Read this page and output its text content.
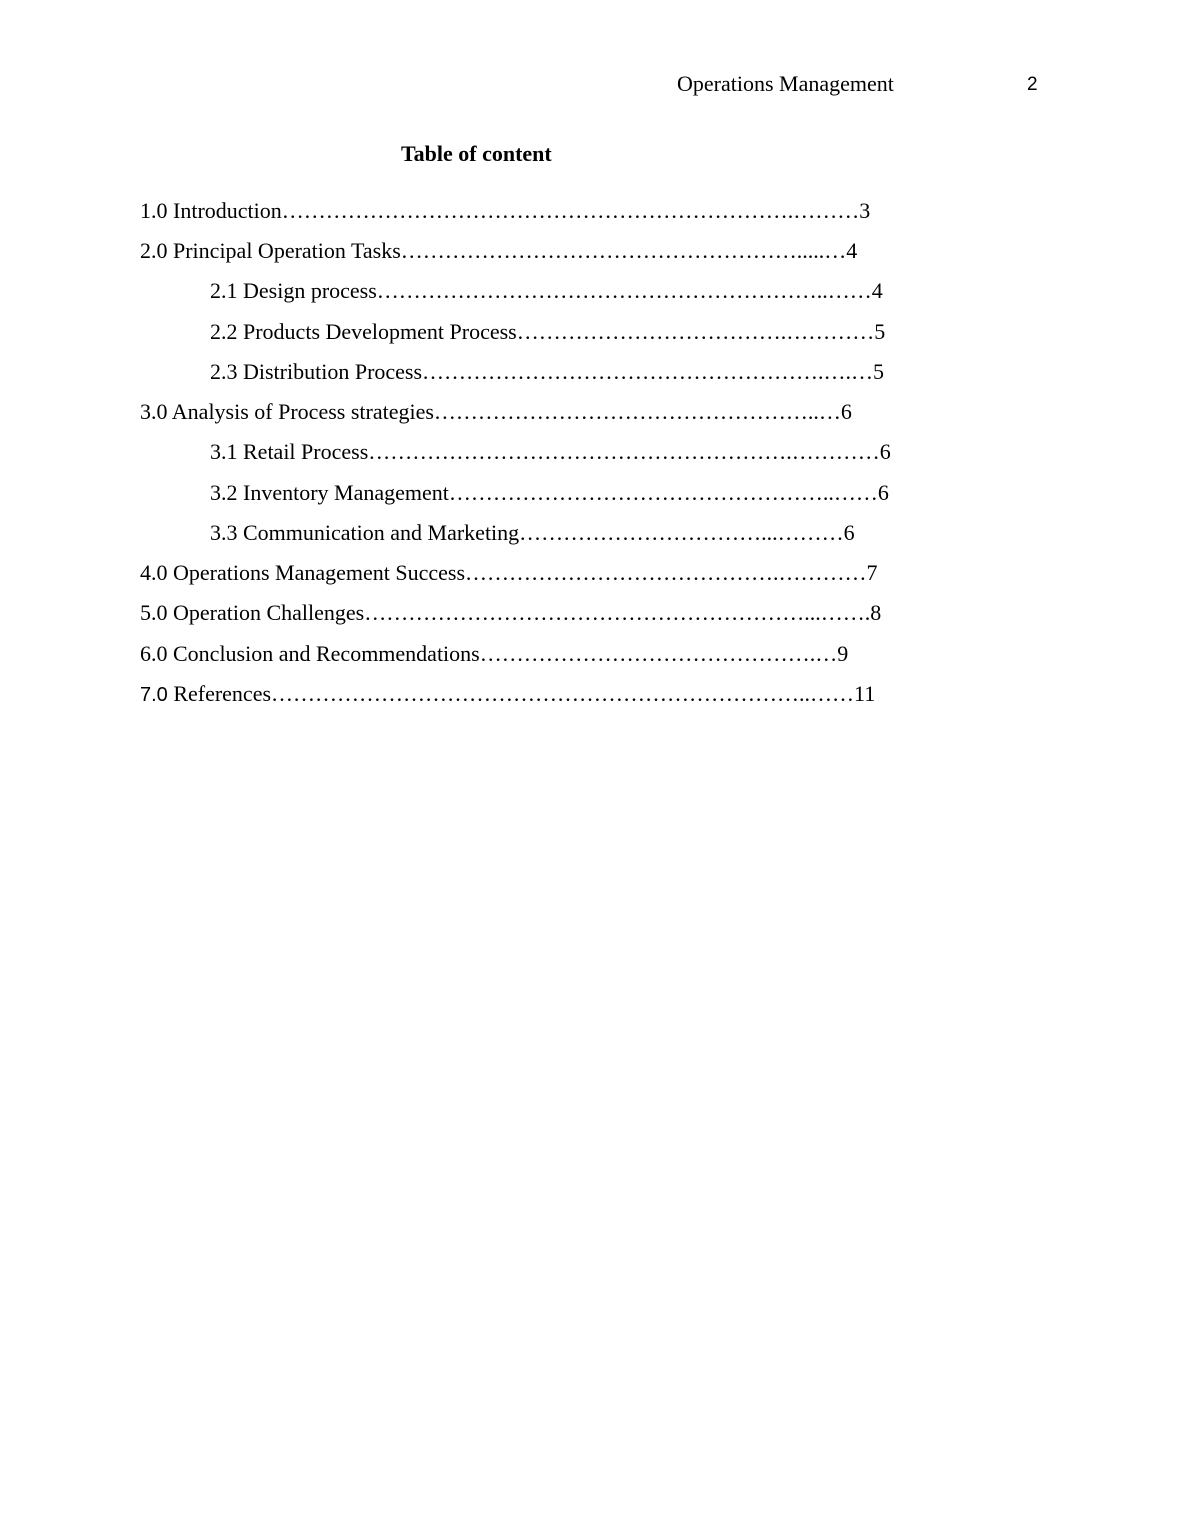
Operations Management	2
Table of content
1.0 Introduction…………………………………………………………….………3
2.0 Principal Operation Tasks……………………………………………….....…4
2.1 Design process……………………………………………………..……4
2.2 Products Development Process……………………………….…………5
2.3 Distribution Process……………………………………………….….…5
3.0 Analysis of Process strategies……………………………………………..…6
3.1 Retail Process………………………………………………….…………6
3.2 Inventory Management……………………………………………..……6
3.3 Communication and Marketing……………………………...………6
4.0 Operations Management Success…………………………………….…………7
5.0 Operation Challenges……………………………………………………...…….8
6.0 Conclusion and Recommendations……………………………………….…9
7.0 References………………………………………………………………..……11
